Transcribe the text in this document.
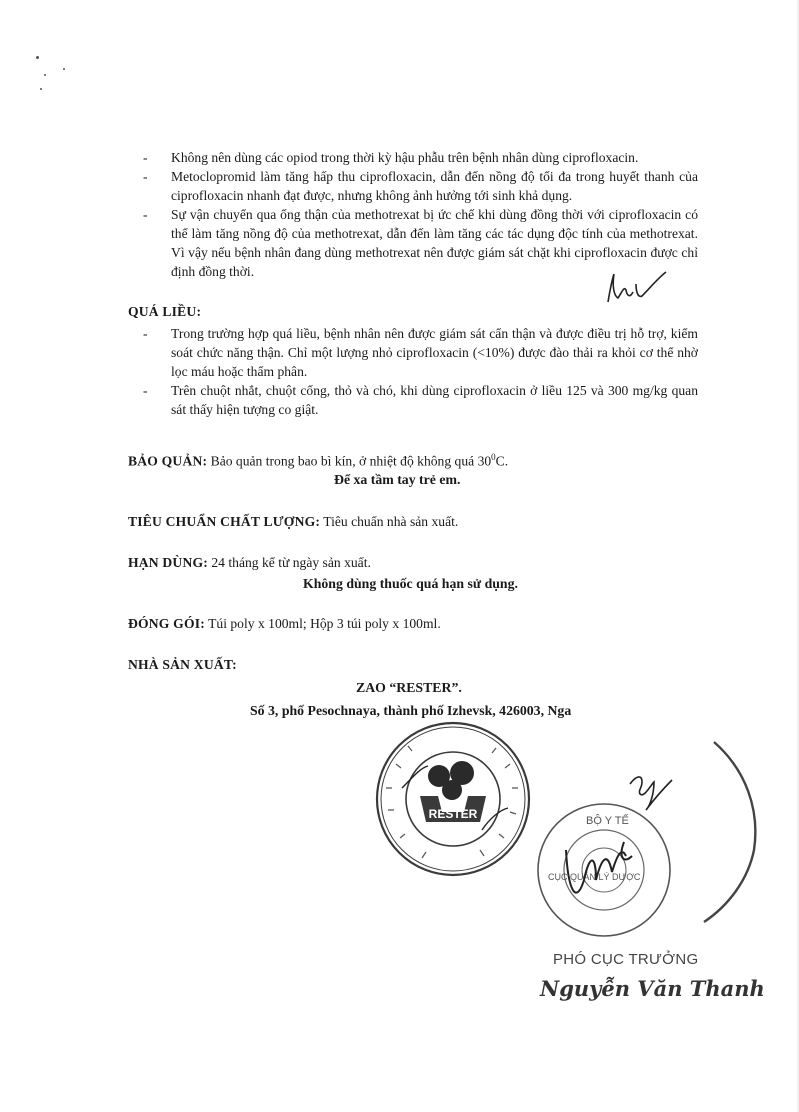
- Không nên dùng các opiod trong thời kỳ hậu phẫu trên bệnh nhân dùng ciprofloxacin.
- Metoclopromid làm tăng hấp thu ciprofloxacin, dẫn đến nồng độ tối đa trong huyết thanh của ciprofloxacin nhanh đạt được, nhưng không ảnh hưởng tới sinh khả dụng.
- Sự vận chuyển qua ống thận của methotrexat bị ức chế khi dùng đồng thời với ciprofloxacin có thể làm tăng nồng độ của methotrexat, dẫn đến làm tăng các tác dụng độc tính của methotrexat. Vì vậy nếu bệnh nhân đang dùng methotrexat nên được giám sát chặt khi ciprofloxacin được chỉ định đồng thời.
QUÁ LIỀU:
- Trong trường hợp quá liều, bệnh nhân nên được giám sát cẩn thận và được điều trị hỗ trợ, kiểm soát chức năng thận. Chỉ một lượng nhỏ ciprofloxacin (<10%) được đào thải ra khỏi cơ thể nhờ lọc máu hoặc thẩm phân.
- Trên chuột nhắt, chuột cống, thỏ và chó, khi dùng ciprofloxacin ở liều 125 và 300 mg/kg quan sát thấy hiện tượng co giật.
BẢO QUẢN: Bảo quản trong bao bì kín, ở nhiệt độ không quá $30^0C$.
Để xa tầm tay trẻ em.
TIÊU CHUẨN CHẤT LƯỢNG: Tiêu chuẩn nhà sản xuất.
HẠN DÙNG: 24 tháng kể từ ngày sản xuất.
Không dùng thuốc quá hạn sử dụng.
ĐÓNG GÓI: Túi poly x 100ml; Hộp 3 túi poly x 100ml.
NHÀ SẢN XUẤT:
ZAO “RESTER”.
Số 3, phố Pesochnaya, thành phố Izhevsk, 426003, Nga
RESTER	BỘ Y TẾ
CỤC QUẢN LÝ DƯỢC
PHÓ CỤC TRƯỞNG
Nguyễn Văn Thanh
